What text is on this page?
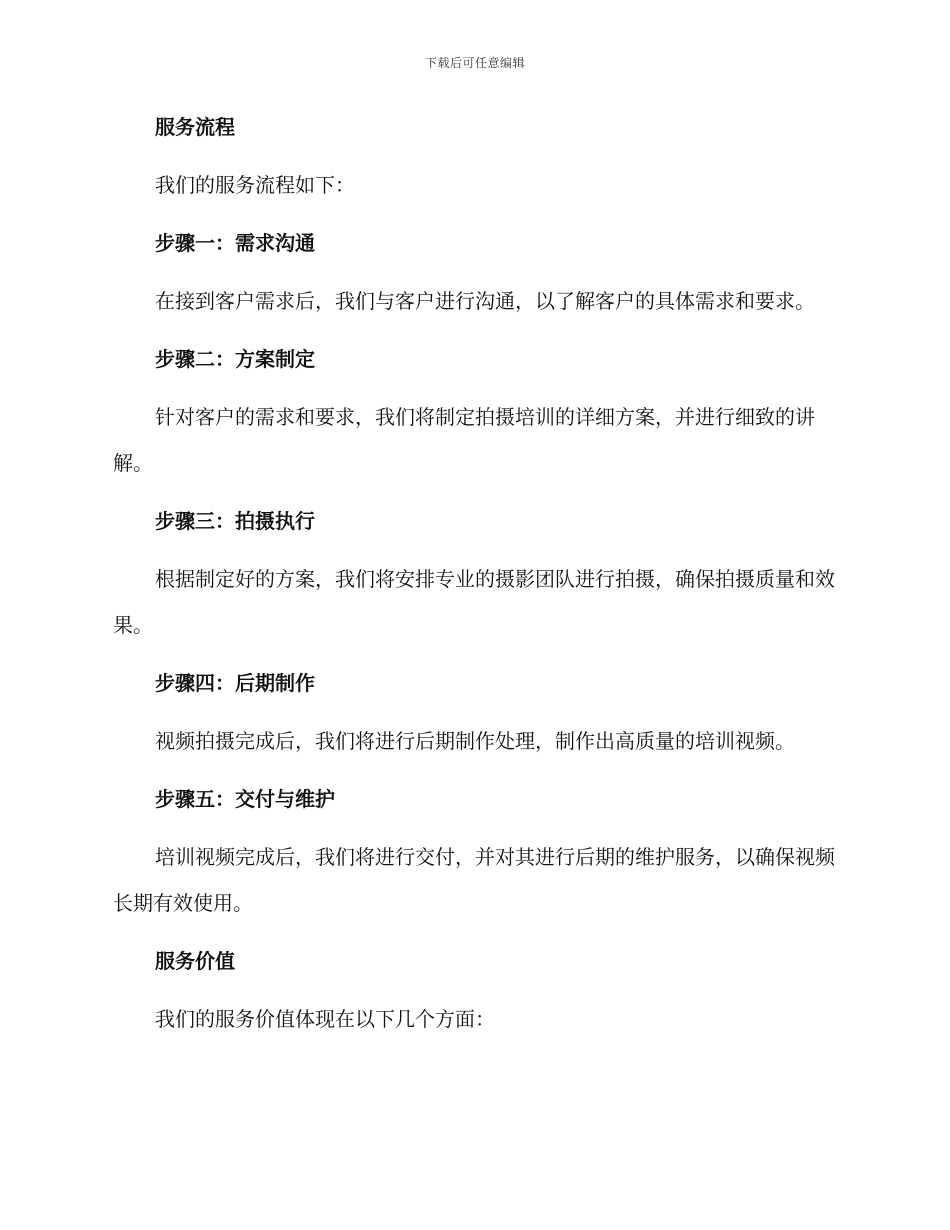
下载后可任意编辑
服务流程
我们的服务流程如下：
步骤一：需求沟通
在接到客户需求后，我们与客户进行沟通，以了解客户的具体需求和要求。
步骤二：方案制定
针对客户的需求和要求，我们将制定拍摄培训的详细方案，并进行细致的讲解。
步骤三：拍摄执行
根据制定好的方案，我们将安排专业的摄影团队进行拍摄，确保拍摄质量和效果。
步骤四：后期制作
视频拍摄完成后，我们将进行后期制作处理，制作出高质量的培训视频。
步骤五：交付与维护
培训视频完成后，我们将进行交付，并对其进行后期的维护服务，以确保视频长期有效使用。
服务价值
我们的服务价值体现在以下几个方面：
